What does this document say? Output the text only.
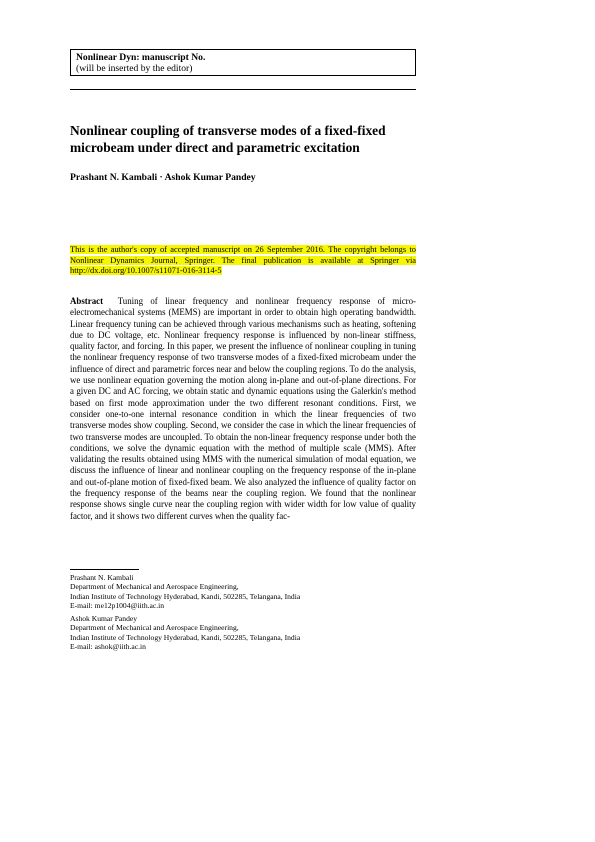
Nonlinear Dyn: manuscript No.
(will be inserted by the editor)
Nonlinear coupling of transverse modes of a fixed-fixed microbeam under direct and parametric excitation
Prashant N. Kambali · Ashok Kumar Pandey
This is the author's copy of accepted manuscript on 26 September 2016. The copyright belongs to Nonlinear Dynamics Journal, Springer. The final publication is available at Springer via http://dx.doi.org/10.1007/s11071-016-3114-5
Abstract Tuning of linear frequency and nonlinear frequency response of micro-electromechanical systems (MEMS) are important in order to obtain high operating bandwidth. Linear frequency tuning can be achieved through various mechanisms such as heating, softening due to DC voltage, etc. Nonlinear frequency response is influenced by non-linear stiffness, quality factor, and forcing. In this paper, we present the influence of nonlinear coupling in tuning the nonlinear frequency response of two transverse modes of a fixed-fixed microbeam under the influence of direct and parametric forces near and below the coupling regions. To do the analysis, we use nonlinear equation governing the motion along in-plane and out-of-plane directions. For a given DC and AC forcing, we obtain static and dynamic equations using the Galerkin's method based on first mode approximation under the two different resonant conditions. First, we consider one-to-one internal resonance condition in which the linear frequencies of two transverse modes show coupling. Second, we consider the case in which the linear frequencies of two transverse modes are uncoupled. To obtain the non-linear frequency response under both the conditions, we solve the dynamic equation with the method of multiple scale (MMS). After validating the results obtained using MMS with the numerical simulation of modal equation, we discuss the influence of linear and nonlinear coupling on the frequency response of the in-plane and out-of-plane motion of fixed-fixed beam. We also analyzed the influence of quality factor on the frequency response of the beams near the coupling region. We found that the nonlinear response shows single curve near the coupling region with wider width for low value of quality factor, and it shows two different curves when the quality fac-
Prashant N. Kambali
Department of Mechanical and Aerospace Engineering,
Indian Institute of Technology Hyderabad, Kandi, 502285, Telangana, India
E-mail: me12p1004@iith.ac.in
Ashok Kumar Pandey
Department of Mechanical and Aerospace Engineering,
Indian Institute of Technology Hyderabad, Kandi, 502285, Telangana, India
E-mail: ashok@iith.ac.in
